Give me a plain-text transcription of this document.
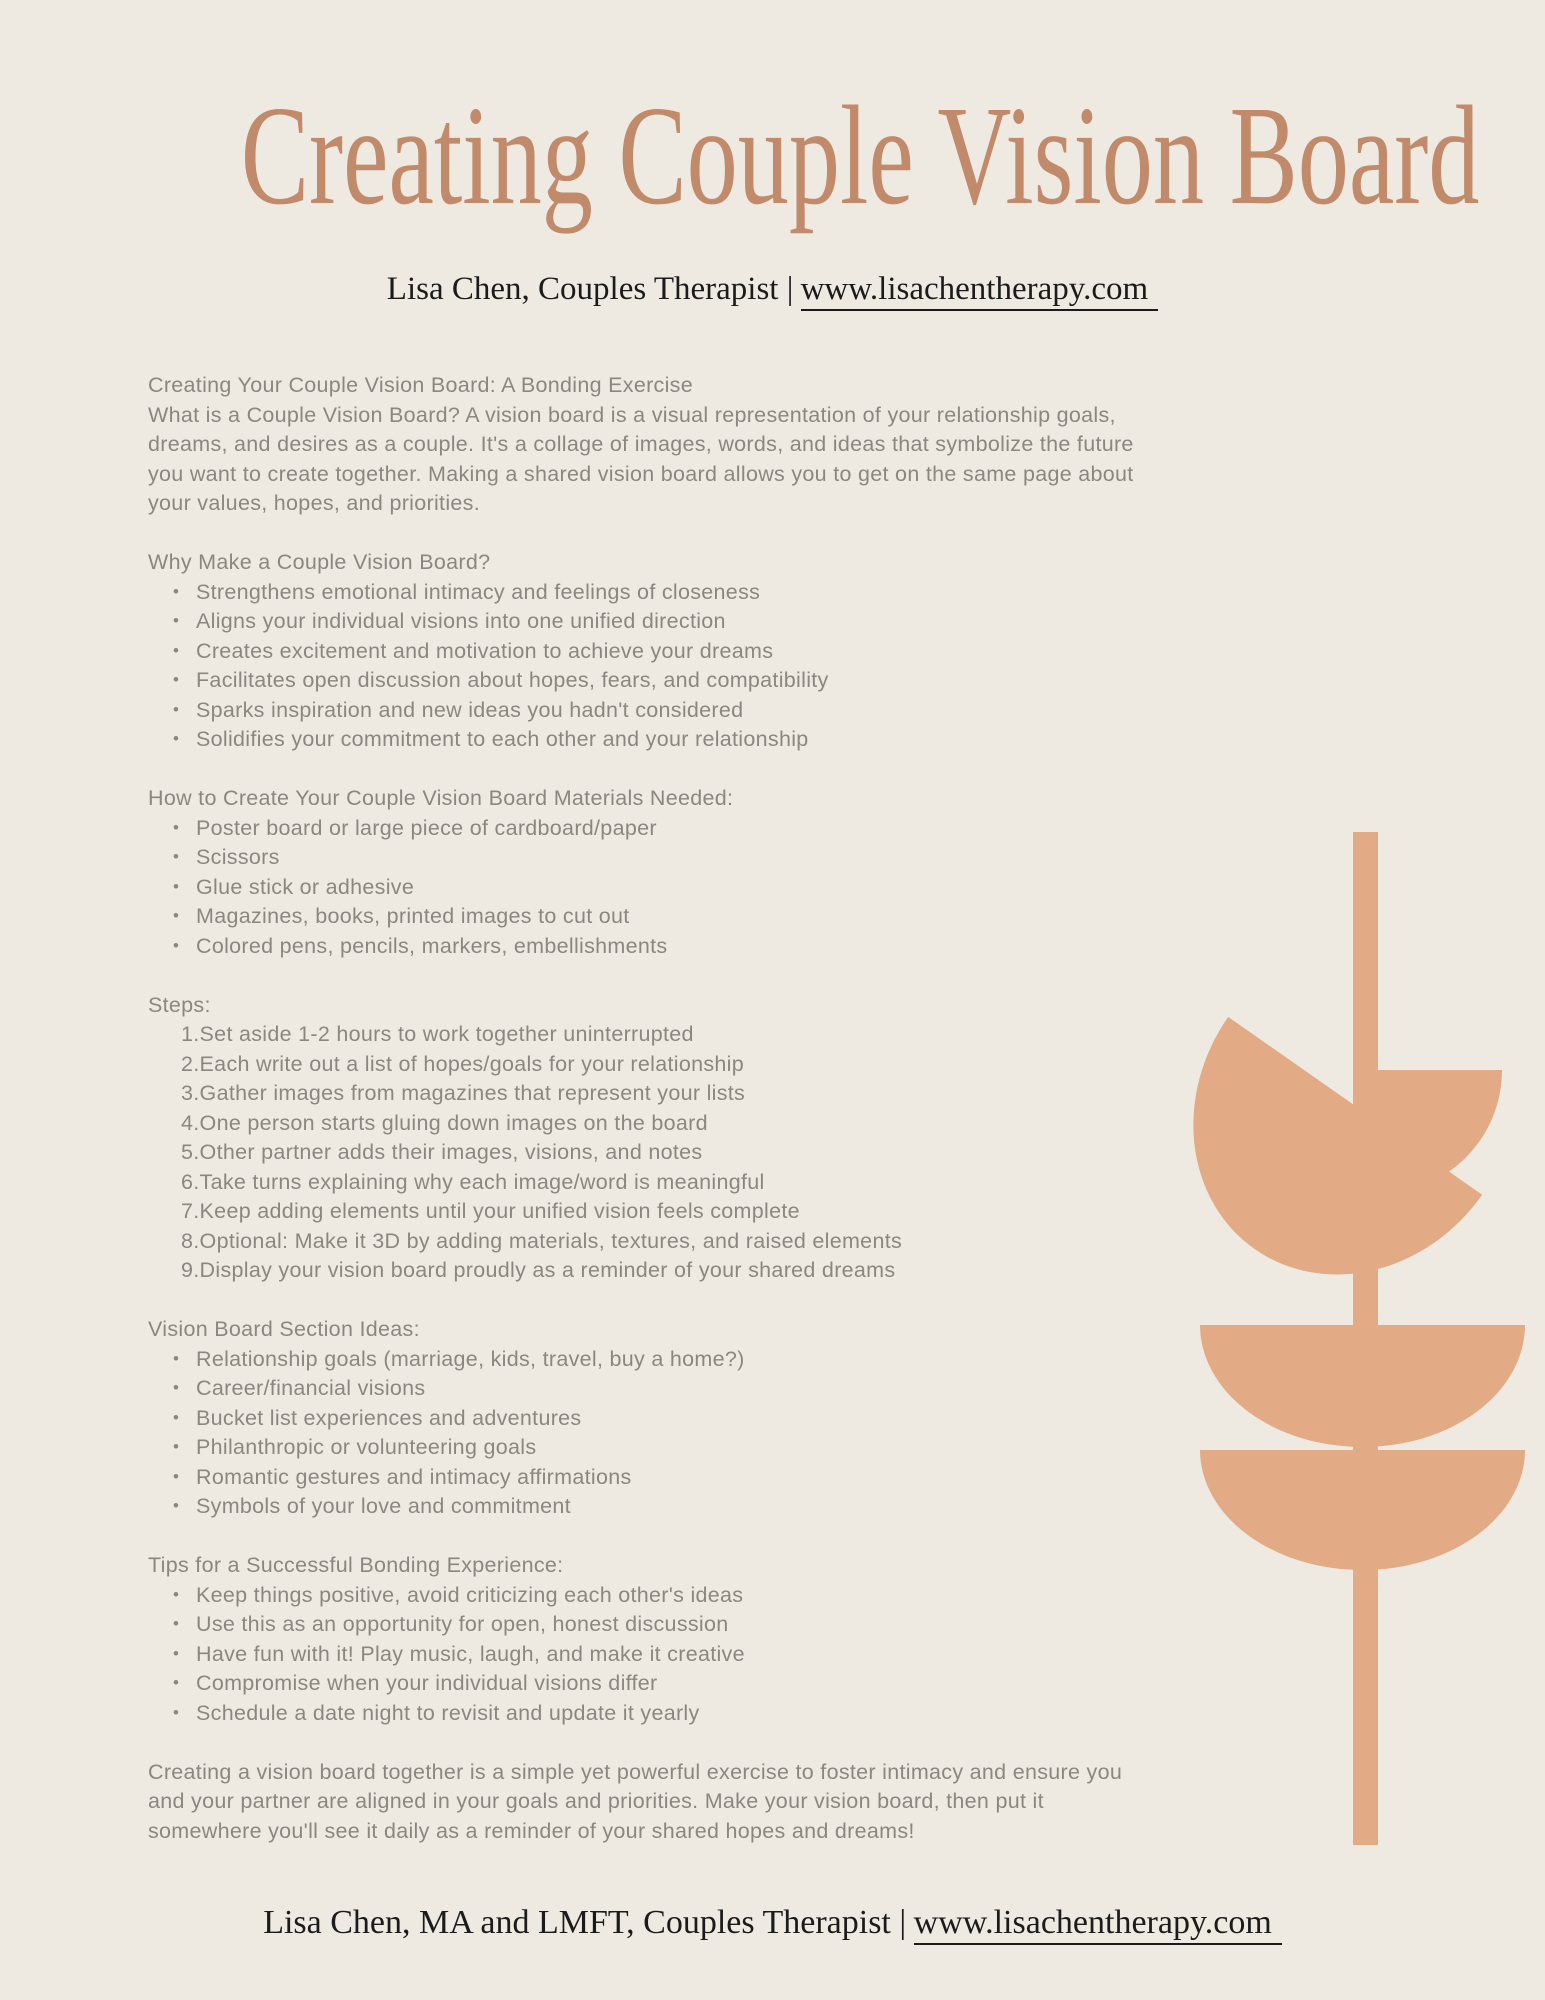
Creating Couple Vision Board
Lisa Chen, Couples Therapist | www.lisachentherapy.com
Creating Your Couple Vision Board: A Bonding Exercise
What is a Couple Vision Board? A vision board is a visual representation of your relationship goals, dreams, and desires as a couple. It's a collage of images, words, and ideas that symbolize the future you want to create together. Making a shared vision board allows you to get on the same page about your values, hopes, and priorities.
Why Make a Couple Vision Board?
• Strengthens emotional intimacy and feelings of closeness
• Aligns your individual visions into one unified direction
• Creates excitement and motivation to achieve your dreams
• Facilitates open discussion about hopes, fears, and compatibility
• Sparks inspiration and new ideas you hadn't considered
• Solidifies your commitment to each other and your relationship
How to Create Your Couple Vision Board Materials Needed:
• Poster board or large piece of cardboard/paper
• Scissors
• Glue stick or adhesive
• Magazines, books, printed images to cut out
• Colored pens, pencils, markers, embellishments
Steps:
Set aside 1-2 hours to work together uninterrupted
Each write out a list of hopes/goals for your relationship
Gather images from magazines that represent your lists
One person starts gluing down images on the board
Other partner adds their images, visions, and notes
Take turns explaining why each image/word is meaningful
Keep adding elements until your unified vision feels complete
Optional: Make it 3D by adding materials, textures, and raised elements
Display your vision board proudly as a reminder of your shared dreams
Vision Board Section Ideas:
• Relationship goals (marriage, kids, travel, buy a home?)
• Career/financial visions
• Bucket list experiences and adventures
• Philanthropic or volunteering goals
• Romantic gestures and intimacy affirmations
• Symbols of your love and commitment
Tips for a Successful Bonding Experience:
• Keep things positive, avoid criticizing each other's ideas
• Use this as an opportunity for open, honest discussion
• Have fun with it! Play music, laugh, and make it creative
• Compromise when your individual visions differ
• Schedule a date night to revisit and update it yearly
Creating a vision board together is a simple yet powerful exercise to foster intimacy and ensure you and your partner are aligned in your goals and priorities. Make your vision board, then put it somewhere you'll see it daily as a reminder of your shared hopes and dreams!
Lisa Chen, MA and LMFT, Couples Therapist | www.lisachentherapy.com
